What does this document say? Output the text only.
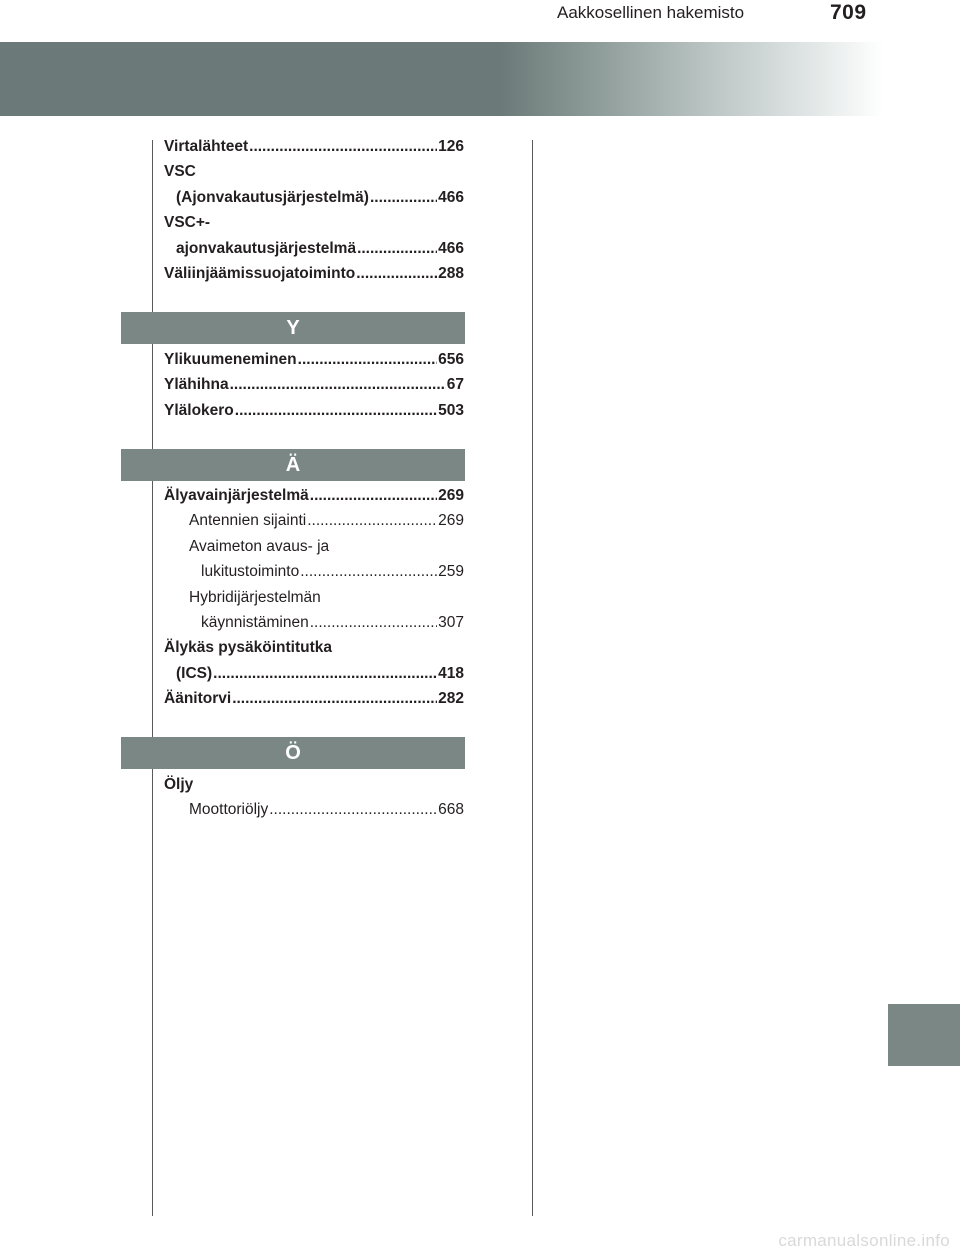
Aakkosellinen hakemisto	709
Virtalähteet .....	126
VSC
(Ajonvakautusjärjestelmä) .....	466
VSC+-
ajonvakautusjärjestelmä .....	466
Väliinjäämissuojatoiminto .....	288
Y
Ylikuumeneminen .....	656
Ylähihna .....	67
Ylälokero .....	503
Ä
Älyavainjärjestelmä .....	269
Antennien sijainti .....	269
Avaimeton avaus- ja
lukitustoiminto .....	259
Hybridijärjestelmän
käynnistäminen .....	307
Älykäs pysäköintitutka
(ICS) .....	418
Äänitorvi .....	282
Ö
Öljy
Moottoriöljy .....	668
carmanualsonline.info
